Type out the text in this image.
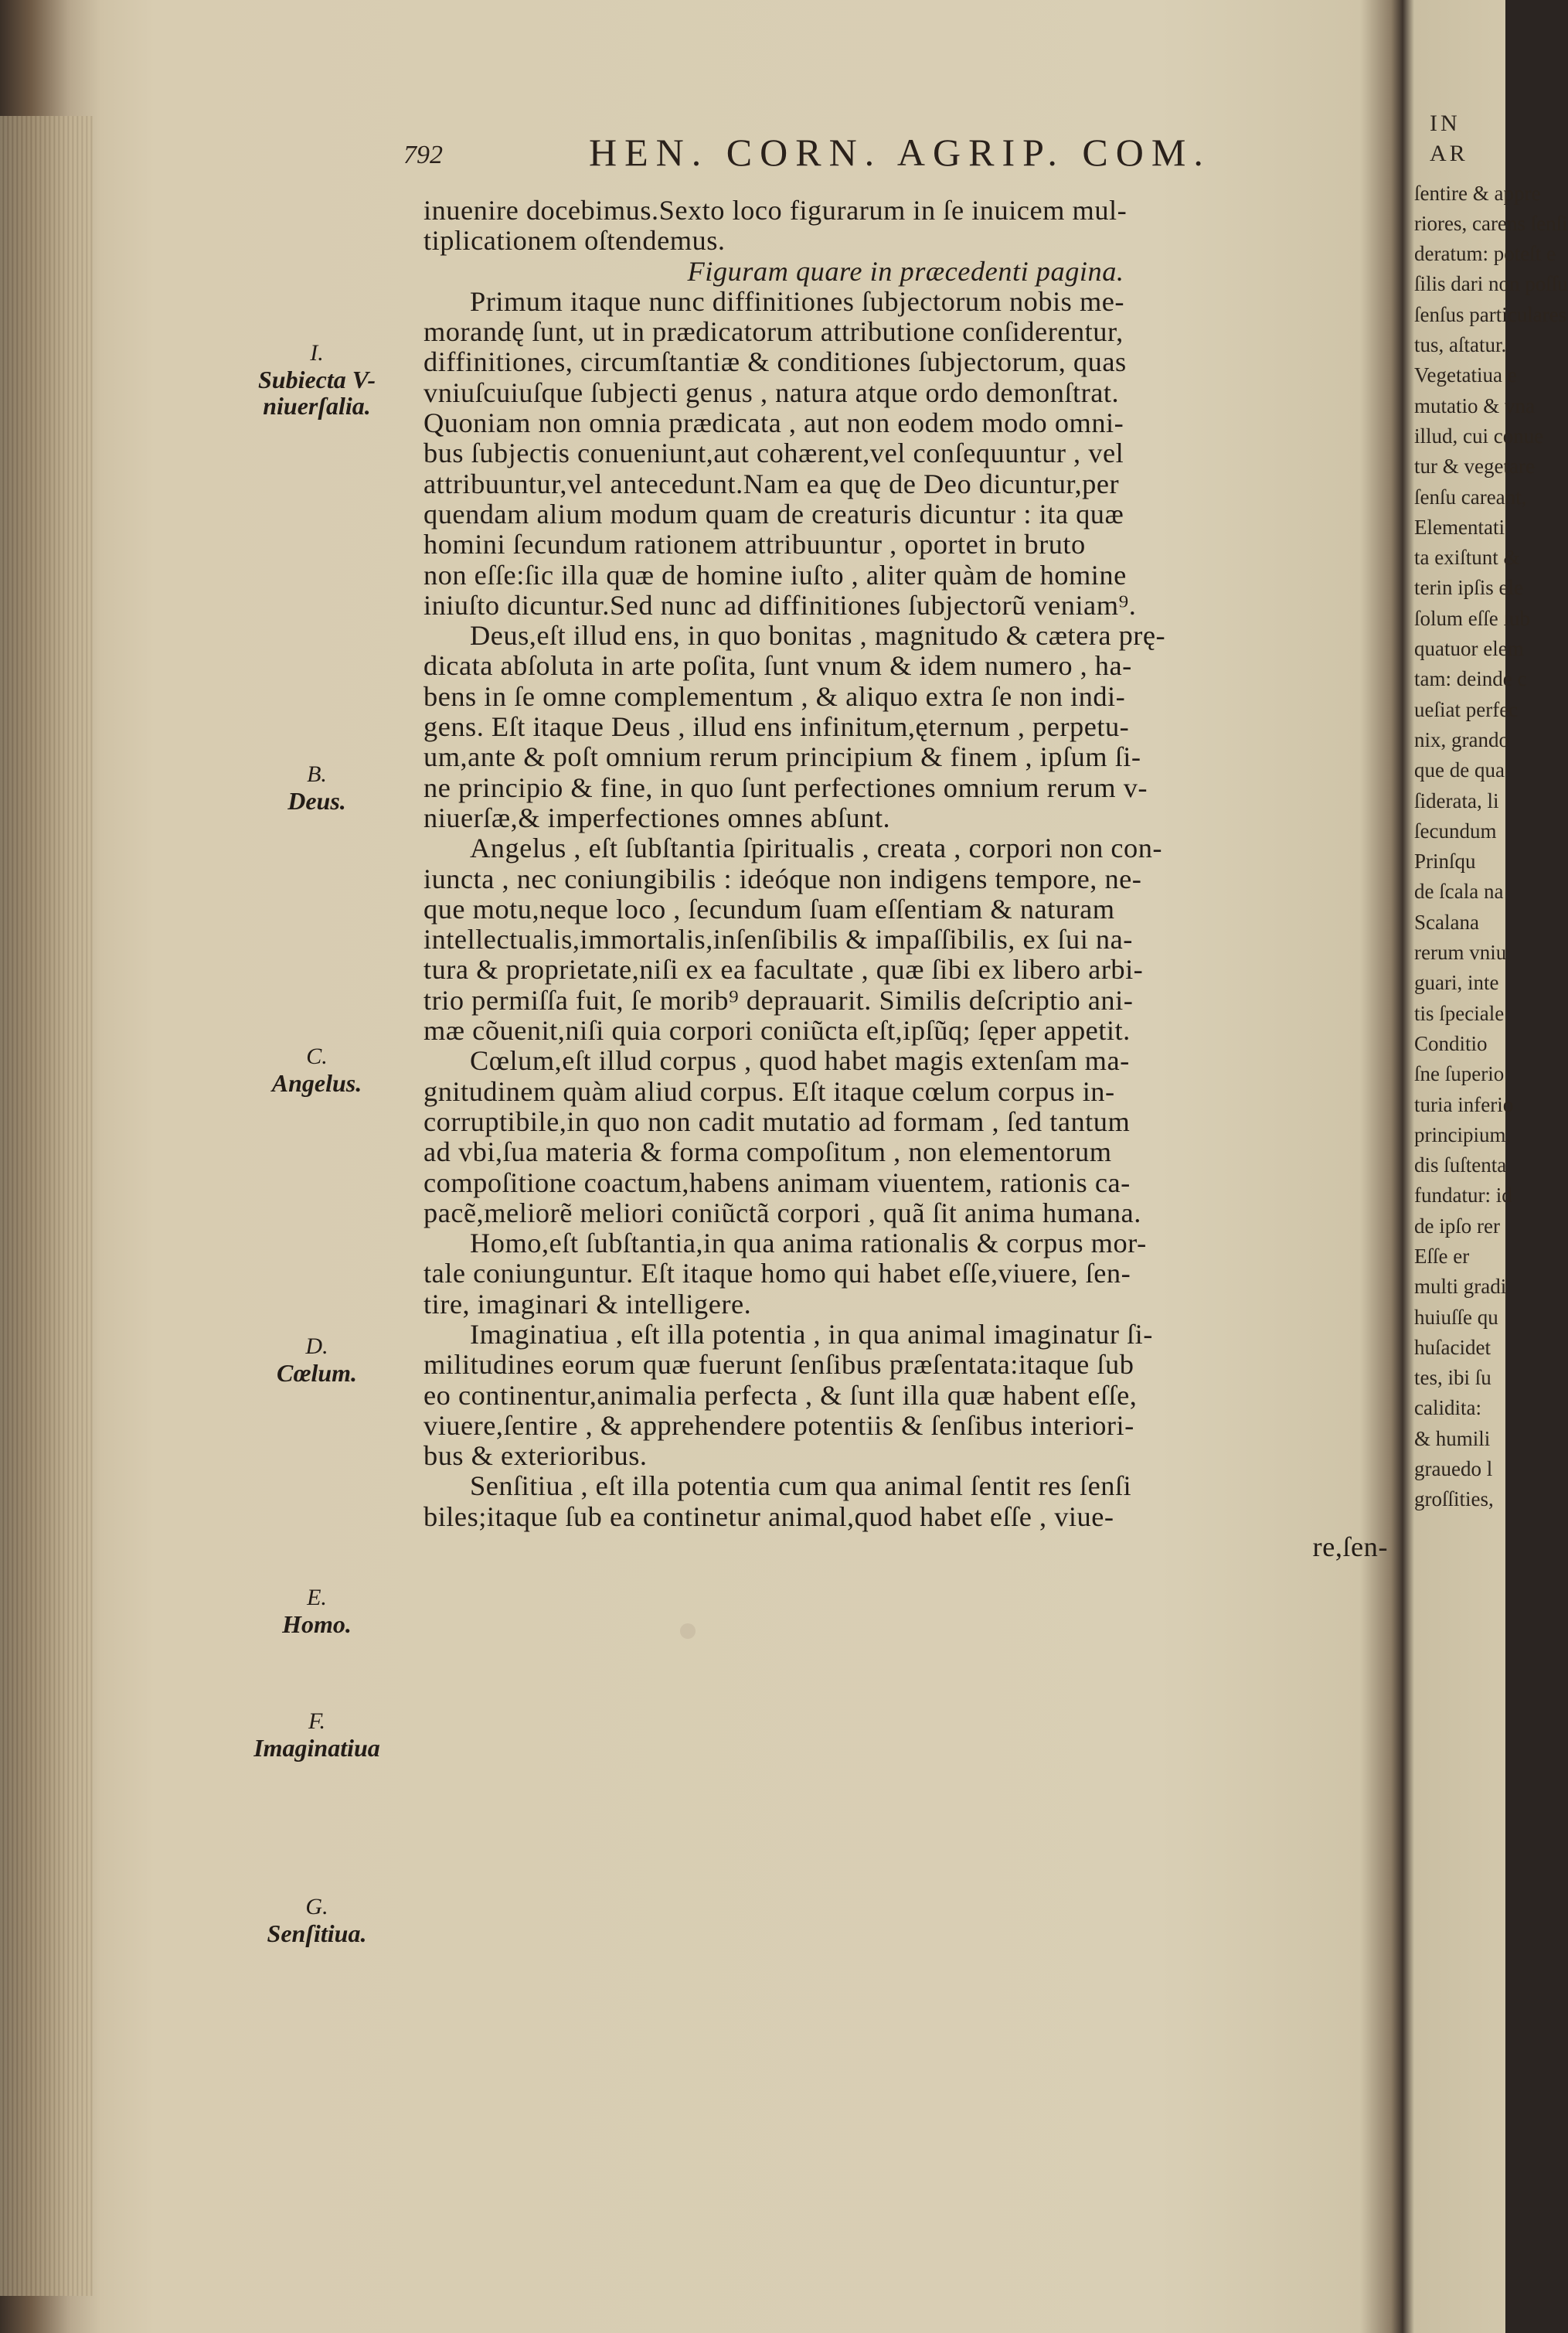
792	HEN. CORN. AGRIP. COM.
I.
Subiecta V-niuerſalia.
B.
Deus.
C.
Angelus.
D.
Cœlum.
E.
Homo.
F.
Imaginatiua
G.
Senſitiua.

inuenire docebimus.Sexto loco figurarum in ſe inuicem mul-

tiplicationem oſtendemus.

Figuram quare in præcedenti pagina.

Primum itaque nunc diffinitiones ſubjectorum nobis me-

morandę ſunt, ut in prædicatorum attributione conſiderentur,

diffinitiones, circumſtantiæ & conditiones ſubjectorum, quas

vniuſcuiuſque ſubjecti genus , natura atque ordo demonſtrat.

Quoniam non omnia prædicata , aut non eodem modo omni-

bus ſubjectis conueniunt,aut cohærent,vel conſequuntur , vel

attribuuntur,vel antecedunt.Nam ea quę de Deo dicuntur,per

quendam alium modum quam de creaturis dicuntur : ita quæ

homini ſecundum rationem attribuuntur , oportet in bruto

non eſſe:ſic illa quæ de homine iuſto , aliter quàm de homine

iniuſto dicuntur.Sed nunc ad diffinitiones ſubjectorũ veniam⁹.

Deus,eſt illud ens, in quo bonitas , magnitudo & cætera prę-

dicata abſoluta in arte poſita, ſunt vnum & idem numero , ha-

bens in ſe omne complementum , & aliquo extra ſe non indi-

gens. Eſt itaque Deus , illud ens infinitum,ęternum , perpetu-

um,ante & poſt omnium rerum principium & finem , ipſum ſi-

ne principio & fine, in quo ſunt perfectiones omnium rerum v-

niuerſæ,& imperfectiones omnes abſunt.

Angelus , eſt ſubſtantia ſpiritualis , creata , corpori non con-

iuncta , nec coniungibilis : ideóque non indigens tempore, ne-

que motu,neque loco , ſecundum ſuam eſſentiam & naturam

intellectualis,immortalis,inſenſibilis & impaſſibilis, ex ſui na-

tura & proprietate,niſi ex ea facultate , quæ ſibi ex libero arbi-

trio permiſſa fuit, ſe morib⁹ deprauarit. Similis deſcriptio ani-

mæ cõuenit,niſi quia corpori coniũcta eſt,ipſũq; ſęper appetit.

Cœlum,eſt illud corpus , quod habet magis extenſam ma-

gnitudinem quàm aliud corpus. Eſt itaque cœlum corpus in-

corruptibile,in quo non cadit mutatio ad formam , ſed tantum

ad vbi,ſua materia & forma compoſitum , non elementorum

compoſitione coactum,habens animam viuentem, rationis ca-

pacẽ,meliorẽ meliori coniũctã corpori , quã ſit anima humana.

Homo,eſt ſubſtantia,in qua anima rationalis & corpus mor-

tale coniunguntur. Eſt itaque homo qui habet eſſe,viuere, ſen-

tire, imaginari & intelligere.

Imaginatiua , eſt illa potentia , in qua animal imaginatur ſi-

militudines eorum quæ fuerunt ſenſibus præſentata:itaque ſub

eo continentur,animalia perfecta , & ſunt illa quæ habent eſſe,

viuere,ſentire , & apprehendere potentiis & ſenſibus interiori-

bus & exterioribus.

Senſitiua , eſt illa potentia cum qua animal ſentit res ſenſi

biles;itaque ſub ea continetur animal,quod habet eſſe , viue-

re,ſen-

IN AR
ſentire & appre
riores, carens ſenſi
deratum: poteſt e
ſilis dari non poſſu
ſenſus particulares
tus, aſtatur.
Vegetatiua e
mutatio & vna
illud, cui conue
tur & vegetare
ſenſu careant,
Elementati
ta exiſtunt &
terin ipſis ele
ſolum eſſe ſub
quatuor elem
tam: deinde c
ueſiat perfec
nix, grando
que de qua
ſiderata, li
ſecundum
Prinſqu
de ſcala na
Scalana
rerum vniu
guari, inte
tis ſpeciale
Conditio
ſne ſuperio
turia inferio
principium,
dis ſuſtenta
fundatur: id
de ipſo rer
Eſſe er
multi gradi
huiuſſe qu
huſacidet
tes, ibi ſu
calidita:
& humili
grauedo l
groſſities,
